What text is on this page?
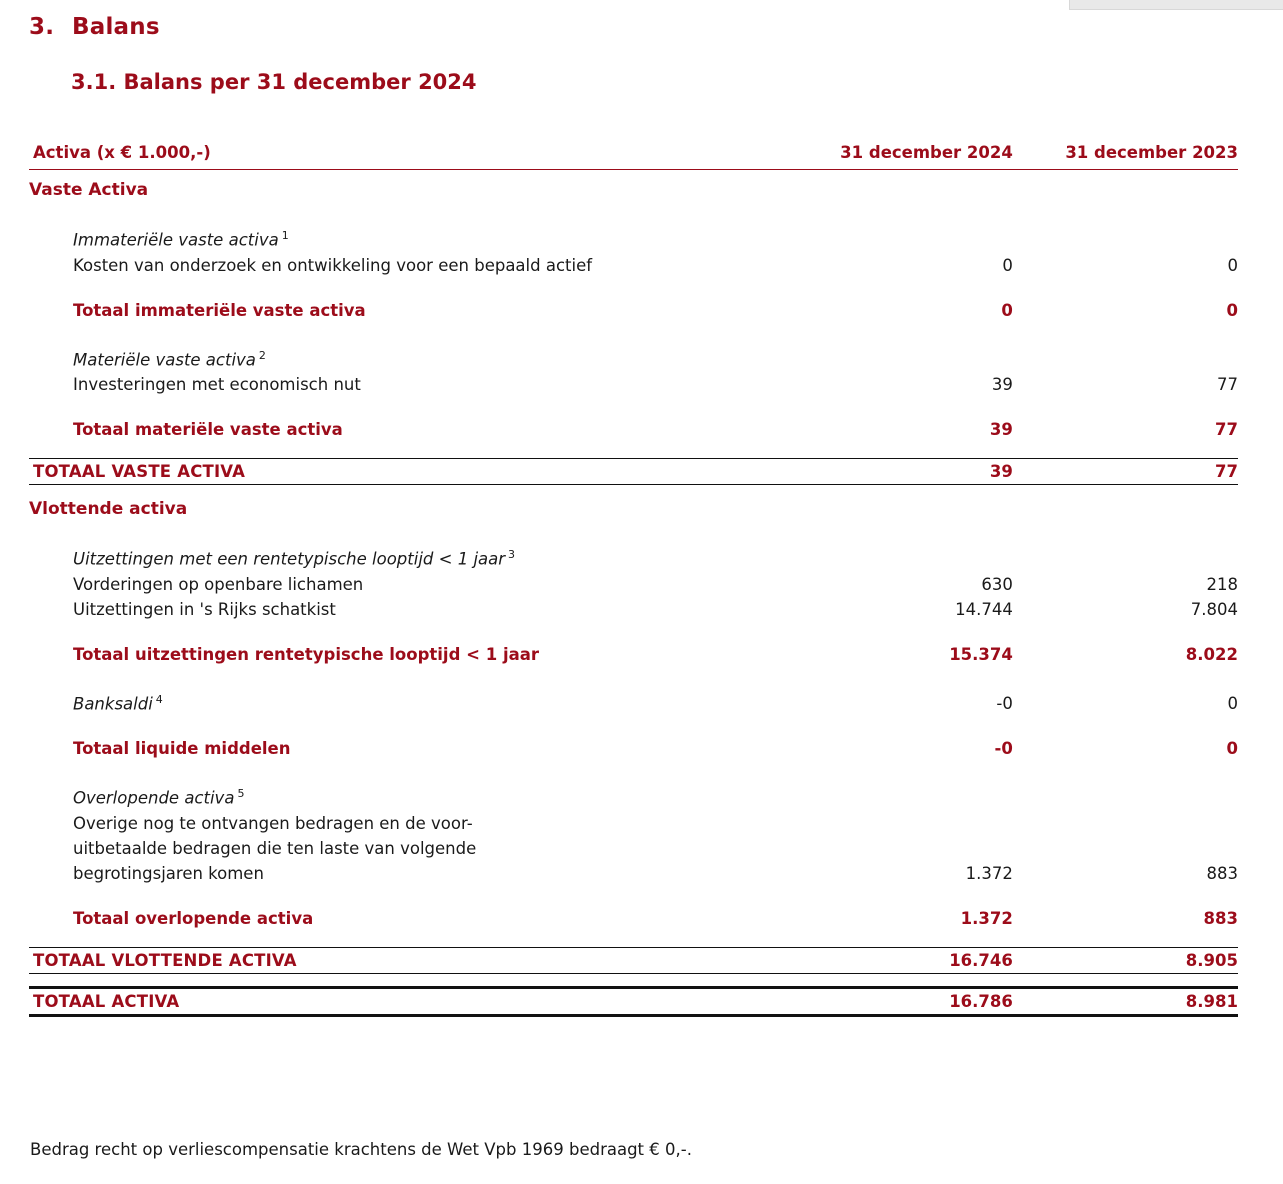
3. Balans
3.1. Balans per 31 december 2024
Activa (x € 1.000,-)	31 december 2024	31 december 2023

Vaste Activa		

Immateriële vaste activa $^1$		
Kosten van onderzoek en ontwikkeling voor een bepaald actief	0	0

Totaal immateriële vaste activa	0	0

Materiële vaste activa $^2$		
Investeringen met economisch nut	39	77

Totaal materiële vaste activa	39	77

TOTAAL VASTE ACTIVA	39	77

Vlottende activa		

Uitzettingen met een rentetypische looptijd < 1 jaar $^3$		
Vorderingen op openbare lichamen	630	218
Uitzettingen in 's Rijks schatkist	14.744	7.804

Totaal uitzettingen rentetypische looptijd < 1 jaar	15.374	8.022

Banksaldi $^4$	-0	0

Totaal liquide middelen	-0	0

Overlopende activa $^5$		

Overige nog te ontvangen bedragen en de voor-
uitbetaalde bedragen die ten laste van volgende
begrotingsjaren komen	1.372	883

Totaal overlopende activa	1.372	883

TOTAAL VLOTTENDE ACTIVA	16.746	8.905

TOTAAL ACTIVA	16.786	8.981

Bedrag recht op verliescompensatie krachtens de Wet Vpb 1969 bedraagt € 0,-.
